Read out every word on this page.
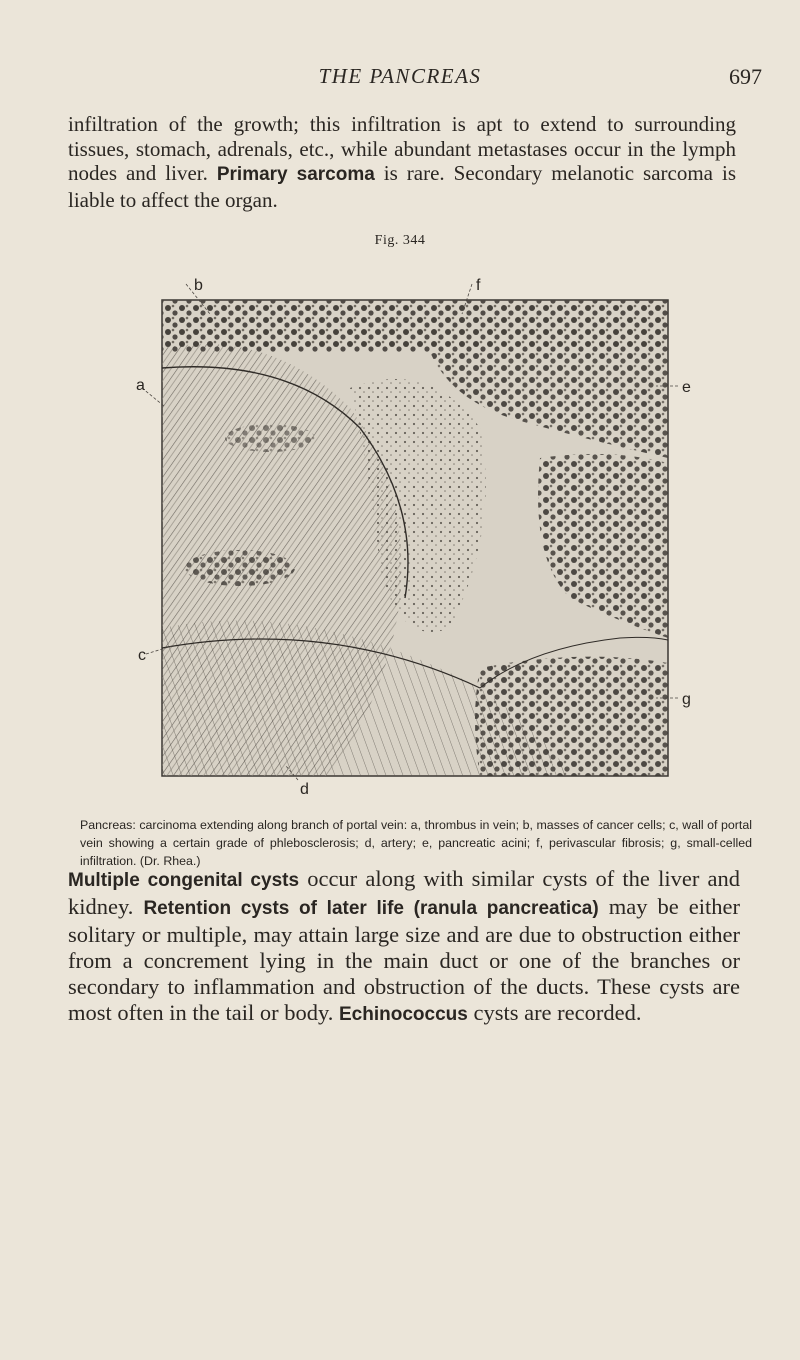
THE PANCREAS	697

infiltration of the growth; this infiltration is apt to extend to surrounding tissues, stomach, adrenals, etc., while abundant metastases occur in the lymph nodes and liver. Primary sarcoma is rare. Secondary melanotic sarcoma is liable to affect the organ.

Fig. 344
b	f
a	e
c
g
d

Pancreas: carcinoma extending along branch of portal vein: a, thrombus in vein; b, masses of cancer cells; c, wall of portal vein showing a certain grade of phlebosclerosis; d, artery; e, pancreatic acini; f, perivascular fibrosis; g, small-celled infiltration. (Dr. Rhea.)

Multiple congenital cysts occur along with similar cysts of the liver and kidney. Retention cysts of later life (ranula pancreatica) may be either solitary or multiple, may attain large size and are due to obstruction either from a concrement lying in the main duct or one of the branches or secondary to inflammation and obstruction of the ducts. These cysts are most often in the tail or body. Echinococcus cysts are recorded.
